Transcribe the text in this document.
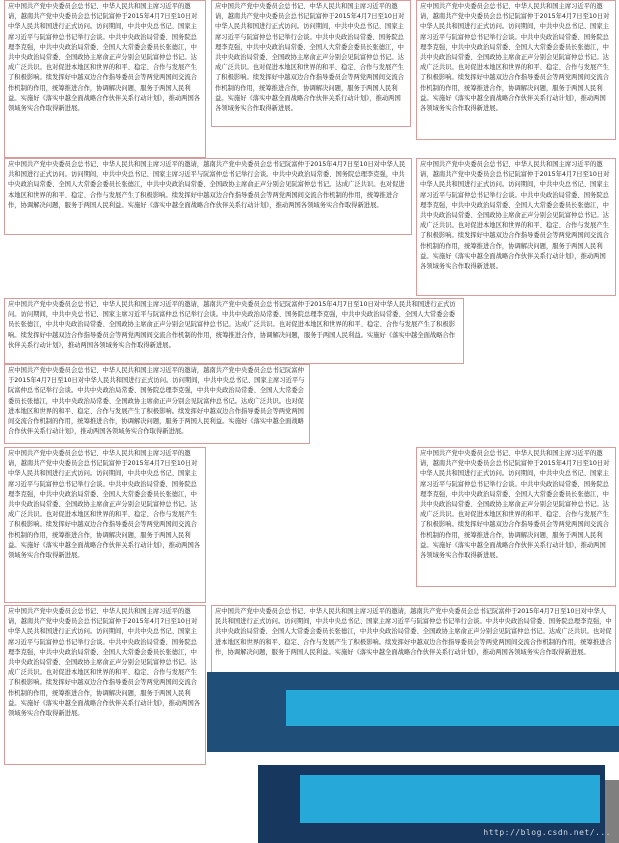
应中国共产党中央委员会总书记、中华人民共和国主席习近平的邀请，越南共产党中央委员会总书记阮富仲于2015年4月7日至10日对中华人民共和国进行正式访问。访问期间，中共中央总书记、国家主席习近平与阮富仲总书记举行会谈。中共中央政治局常委、国务院总理李克强，中共中央政治局常委、全国人大常委会委员长张德江，中共中央政治局常委、全国政协主席俞正声分别会见阮富仲总书记。达成广泛共识。也对促进本地区和世界的和平、稳定、合作与发展产生了积极影响。续发挥好中越双边合作指导委员会等两党两国间交流合作机制的作用，统筹推进合作，协调解决问题，服务于两国人民利益。实施好《落实中越全面战略合作伙伴关系行动计划》，推动两国各领域务实合作取得新进展。
应中国共产党中央委员会总书记、中华人民共和国主席习近平的邀请，越南共产党中央委员会总书记阮富仲于2015年4月7日至10日对中华人民共和国进行正式访问。访问期间，中共中央总书记、国家主席习近平与阮富仲总书记举行会谈。中共中央政治局常委、国务院总理李克强，中共中央政治局常委、全国人大常委会委员长张德江，中共中央政治局常委、全国政协主席俞正声分别会见阮富仲总书记。达成广泛共识。也对促进本地区和世界的和平、稳定、合作与发展产生了积极影响。续发挥好中越双边合作指导委员会等两党两国间交流合作机制的作用，统筹推进合作，协调解决问题，服务于两国人民利益。实施好《落实中越全面战略合作伙伴关系行动计划》，推动两国各领域务实合作取得新进展。
应中国共产党中央委员会总书记、中华人民共和国主席习近平的邀请，越南共产党中央委员会总书记阮富仲于2015年4月7日至10日对中华人民共和国进行正式访问。访问期间，中共中央总书记、国家主席习近平与阮富仲总书记举行会谈。中共中央政治局常委、国务院总理李克强，中共中央政治局常委、全国人大常委会委员长张德江，中共中央政治局常委、全国政协主席俞正声分别会见阮富仲总书记。达成广泛共识。也对促进本地区和世界的和平、稳定、合作与发展产生了积极影响。续发挥好中越双边合作指导委员会等两党两国间交流合作机制的作用，统筹推进合作，协调解决问题，服务于两国人民利益。实施好《落实中越全面战略合作伙伴关系行动计划》，推动两国各领域务实合作取得新进展。
应中国共产党中央委员会总书记、中华人民共和国主席习近平的邀请，越南共产党中央委员会总书记阮富仲于2015年4月7日至10日对中华人民共和国进行正式访问。访问期间，中共中央总书记、国家主席习近平与阮富仲总书记举行会谈。中共中央政治局常委、国务院总理李克强，中共中央政治局常委、全国人大常委会委员长张德江，中共中央政治局常委、全国政协主席俞正声分别会见阮富仲总书记。达成广泛共识。也对促进本地区和世界的和平、稳定、合作与发展产生了积极影响。续发挥好中越双边合作指导委员会等两党两国间交流合作机制的作用，统筹推进合作，协调解决问题，服务于两国人民利益。实施好《落实中越全面战略合作伙伴关系行动计划》，推动两国各领域务实合作取得新进展。
应中国共产党中央委员会总书记、中华人民共和国主席习近平的邀请，越南共产党中央委员会总书记阮富仲于2015年4月7日至10日对中华人民共和国进行正式访问。访问期间，中共中央总书记、国家主席习近平与阮富仲总书记举行会谈。中共中央政治局常委、国务院总理李克强，中共中央政治局常委、全国人大常委会委员长张德江，中共中央政治局常委、全国政协主席俞正声分别会见阮富仲总书记。达成广泛共识。也对促进本地区和世界的和平、稳定、合作与发展产生了积极影响。续发挥好中越双边合作指导委员会等两党两国间交流合作机制的作用，统筹推进合作，协调解决问题，服务于两国人民利益。实施好《落实中越全面战略合作伙伴关系行动计划》，推动两国各领域务实合作取得新进展。
应中国共产党中央委员会总书记、中华人民共和国主席习近平的邀请，越南共产党中央委员会总书记阮富仲于2015年4月7日至10日对中华人民共和国进行正式访问。访问期间，中共中央总书记、国家主席习近平与阮富仲总书记举行会谈。中共中央政治局常委、国务院总理李克强，中共中央政治局常委、全国人大常委会委员长张德江，中共中央政治局常委、全国政协主席俞正声分别会见阮富仲总书记。达成广泛共识。也对促进本地区和世界的和平、稳定、合作与发展产生了积极影响。续发挥好中越双边合作指导委员会等两党两国间交流合作机制的作用，统筹推进合作，协调解决问题，服务于两国人民利益。实施好《落实中越全面战略合作伙伴关系行动计划》，推动两国各领域务实合作取得新进展。
应中国共产党中央委员会总书记、中华人民共和国主席习近平的邀请，越南共产党中央委员会总书记阮富仲于2015年4月7日至10日对中华人民共和国进行正式访问。访问期间，中共中央总书记、国家主席习近平与阮富仲总书记举行会谈。中共中央政治局常委、国务院总理李克强，中共中央政治局常委、全国人大常委会委员长张德江，中共中央政治局常委、全国政协主席俞正声分别会见阮富仲总书记。达成广泛共识。也对促进本地区和世界的和平、稳定、合作与发展产生了积极影响。续发挥好中越双边合作指导委员会等两党两国间交流合作机制的作用，统筹推进合作，协调解决问题，服务于两国人民利益。实施好《落实中越全面战略合作伙伴关系行动计划》，推动两国各领域务实合作取得新进展。
应中国共产党中央委员会总书记、中华人民共和国主席习近平的邀请，越南共产党中央委员会总书记阮富仲于2015年4月7日至10日对中华人民共和国进行正式访问。访问期间，中共中央总书记、国家主席习近平与阮富仲总书记举行会谈。中共中央政治局常委、国务院总理李克强，中共中央政治局常委、全国人大常委会委员长张德江，中共中央政治局常委、全国政协主席俞正声分别会见阮富仲总书记。达成广泛共识。也对促进本地区和世界的和平、稳定、合作与发展产生了积极影响。续发挥好中越双边合作指导委员会等两党两国间交流合作机制的作用，统筹推进合作，协调解决问题，服务于两国人民利益。实施好《落实中越全面战略合作伙伴关系行动计划》，推动两国各领域务实合作取得新进展。
应中国共产党中央委员会总书记、中华人民共和国主席习近平的邀请，越南共产党中央委员会总书记阮富仲于2015年4月7日至10日对中华人民共和国进行正式访问。访问期间，中共中央总书记、国家主席习近平与阮富仲总书记举行会谈。中共中央政治局常委、国务院总理李克强，中共中央政治局常委、全国人大常委会委员长张德江，中共中央政治局常委、全国政协主席俞正声分别会见阮富仲总书记。达成广泛共识。也对促进本地区和世界的和平、稳定、合作与发展产生了积极影响。续发挥好中越双边合作指导委员会等两党两国间交流合作机制的作用，统筹推进合作，协调解决问题，服务于两国人民利益。实施好《落实中越全面战略合作伙伴关系行动计划》，推动两国各领域务实合作取得新进展。
应中国共产党中央委员会总书记、中华人民共和国主席习近平的邀请，越南共产党中央委员会总书记阮富仲于2015年4月7日至10日对中华人民共和国进行正式访问。访问期间，中共中央总书记、国家主席习近平与阮富仲总书记举行会谈。中共中央政治局常委、国务院总理李克强，中共中央政治局常委、全国人大常委会委员长张德江，中共中央政治局常委、全国政协主席俞正声分别会见阮富仲总书记。达成广泛共识。也对促进本地区和世界的和平、稳定、合作与发展产生了积极影响。续发挥好中越双边合作指导委员会等两党两国间交流合作机制的作用，统筹推进合作，协调解决问题，服务于两国人民利益。实施好《落实中越全面战略合作伙伴关系行动计划》，推动两国各领域务实合作取得新进展。
应中国共产党中央委员会总书记、中华人民共和国主席习近平的邀请，越南共产党中央委员会总书记阮富仲于2015年4月7日至10日对中华人民共和国进行正式访问。访问期间，中共中央总书记、国家主席习近平与阮富仲总书记举行会谈。中共中央政治局常委、国务院总理李克强，中共中央政治局常委、全国人大常委会委员长张德江，中共中央政治局常委、全国政协主席俞正声分别会见阮富仲总书记。达成广泛共识。也对促进本地区和世界的和平、稳定、合作与发展产生了积极影响。续发挥好中越双边合作指导委员会等两党两国间交流合作机制的作用，统筹推进合作，协调解决问题，服务于两国人民利益。实施好《落实中越全面战略合作伙伴关系行动计划》，推动两国各领域务实合作取得新进展。
http://blog.csdn.net/...
